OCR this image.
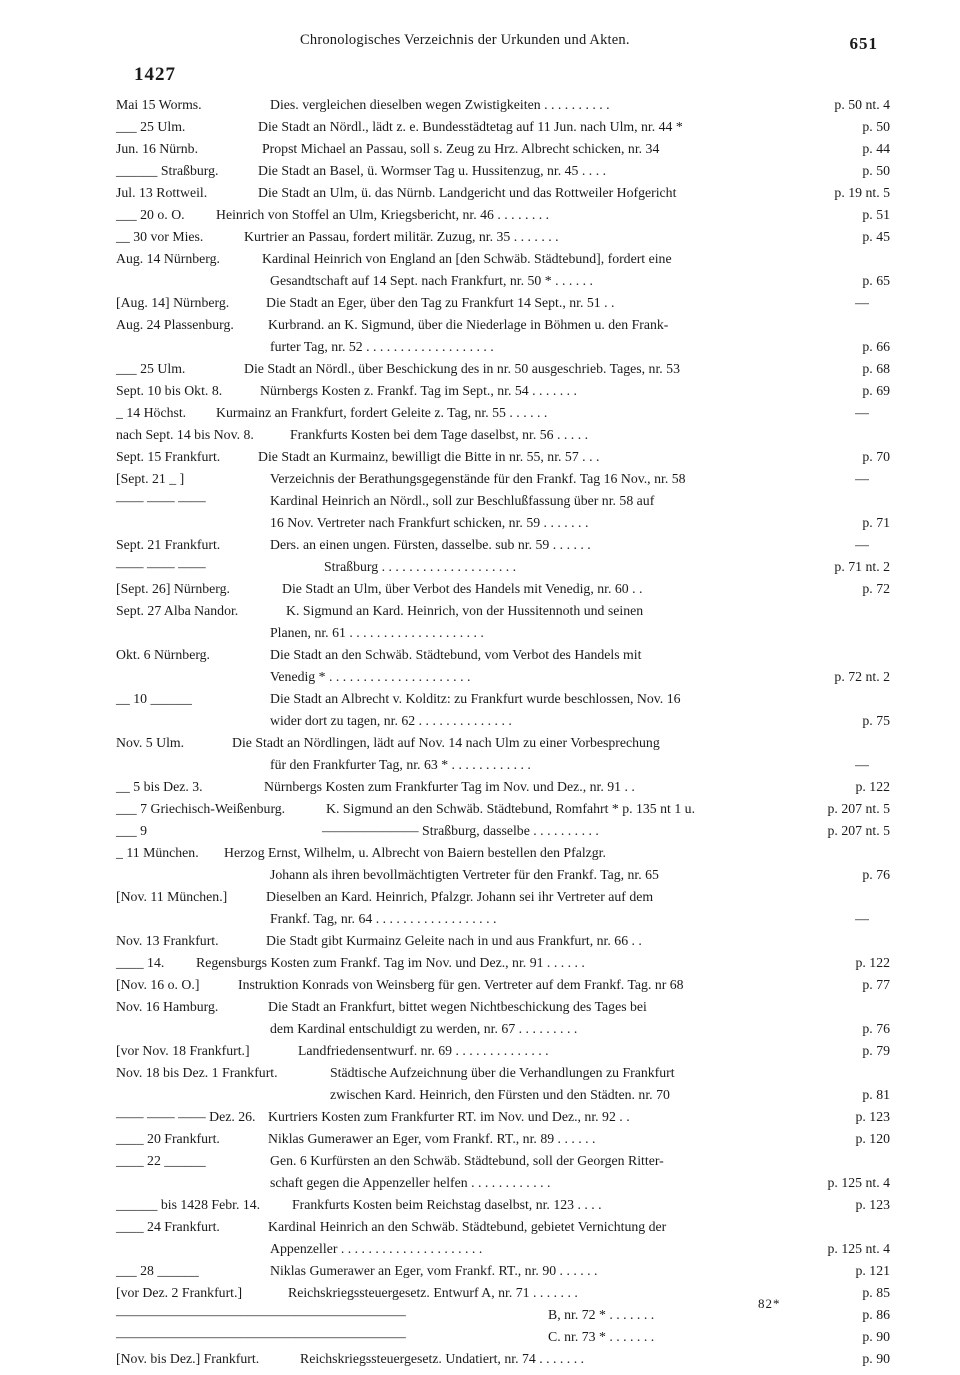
Chronologisches Verzeichnis der Urkunden und Akten.	651
1427
Mai 15 Worms.	Dies. vergleichen dieselben wegen Zwistigkeiten . . . . . . . . . .	p. 50 nt. 4
___ 25 Ulm.	Die Stadt an Nördl., lädt z. e. Bundesstädtetag auf 11 Jun. nach Ulm, nr. 44 *	p. 50
Jun. 16 Nürnb.	Propst Michael an Passau, soll s. Zeug zu Hrz. Albrecht schicken, nr. 34	p. 44
______ Straßburg.	Die Stadt an Basel, ü. Wormser Tag u. Hussitenzug, nr. 45 . . . .	p. 50
Jul. 13 Rottweil.	Die Stadt an Ulm, ü. das Nürnb. Landgericht und das Rottweiler Hofgericht	p. 19 nt. 5
___ 20 o. O. Heinrich von Stoffel an Ulm, Kriegsbericht, nr. 46 . . . . . . . .	p. 51
__ 30 vor Mies.	Kurtrier an Passau, fordert militär. Zuzug, nr. 35 . . . . . . .	p. 45
Aug. 14 Nürnberg.	Kardinal Heinrich von England an [den Schwäb. Städtebund], fordert eine
Gesandtschaft auf 14 Sept. nach Frankfurt, nr. 50 * . . . . . .	p. 65
[Aug. 14] Nürnberg.	Die Stadt an Eger, über den Tag zu Frankfurt 14 Sept., nr. 51 . .	—
Aug. 24 Plassenburg. Kurbrand. an K. Sigmund, über die Niederlage in Böhmen u. den Frank-
furter Tag, nr. 52 . . . . . . . . . . . . . . . . . . .	p. 66
___ 25 Ulm.	Die Stadt an Nördl., über Beschickung des in nr. 50 ausgeschrieb. Tages, nr. 53	p. 68
Sept. 10 bis Okt. 8.	Nürnbergs Kosten z. Frankf. Tag im Sept., nr. 54 . . . . . . .	p. 69
_ 14 Höchst. Kurmainz an Frankfurt, fordert Geleite z. Tag, nr. 55 . . . . . .	—
nach Sept. 14 bis Nov. 8.	Frankfurts Kosten bei dem Tage daselbst, nr. 56 . . . . .
Sept. 15 Frankfurt.	Die Stadt an Kurmainz, bewilligt die Bitte in nr. 55, nr. 57 . . .	p. 70
[Sept. 21 _ ]	Verzeichnis der Berathungsgegenstände für den Frankf. Tag 16 Nov., nr. 58	—
—— —— ——	Kardinal Heinrich an Nördl., soll zur Beschlußfassung über nr. 58 auf
16 Nov. Vertreter nach Frankfurt schicken, nr. 59 . . . . . . .	p. 71
Sept. 21 Frankfurt.	Ders. an einen ungen. Fürsten, dasselbe. sub nr. 59 . . . . . .	—
—— —— ——	Straßburg . . . . . . . . . . . . . . . . . . . .	p. 71 nt. 2
[Sept. 26] Nürnberg.	Die Stadt an Ulm, über Verbot des Handels mit Venedig, nr. 60 . .	p. 72
Sept. 27 Alba Nandor.	K. Sigmund an Kard. Heinrich, von der Hussitennoth und seinen
Planen, nr. 61 . . . . . . . . . . . . . . . . . . . .
Okt. 6 Nürnberg.	Die Stadt an den Schwäb. Städtebund, vom Verbot des Handels mit
Venedig * . . . . . . . . . . . . . . . . . . . . .	p. 72 nt. 2
__ 10 ______	Die Stadt an Albrecht v. Kolditz: zu Frankfurt wurde beschlossen, Nov. 16
wider dort zu tagen, nr. 62 . . . . . . . . . . . . . .	p. 75
Nov. 5 Ulm.	Die Stadt an Nördlingen, lädt auf Nov. 14 nach Ulm zu einer Vorbesprechung
für den Frankfurter Tag, nr. 63 * . . . . . . . . . . . .	—
__ 5 bis Dez. 3.	Nürnbergs Kosten zum Frankfurter Tag im Nov. und Dez., nr. 91 . .	p. 122
___ 7 Griechisch-Weißenburg.	K. Sigmund an den Schwäb. Städtebund, Romfahrt * p. 135 nt 1 u.	p. 207 nt. 5
___ 9	——————— Straßburg, dasselbe . . . . . . . . . .	p. 207 nt. 5
_ 11 München. Herzog Ernst, Wilhelm, u. Albrecht von Baiern bestellen den Pfalzgr.
Johann als ihren bevollmächtigten Vertreter für den Frankf. Tag, nr. 65	p. 76
[Nov. 11 München.]	Dieselben an Kard. Heinrich, Pfalzgr. Johann sei ihr Vertreter auf dem
Frankf. Tag, nr. 64 . . . . . . . . . . . . . . . . . .	—
Nov. 13 Frankfurt.	Die Stadt gibt Kurmainz Geleite nach in und aus Frankfurt, nr. 66 . .
____ 14. Regensburgs Kosten zum Frankf. Tag im Nov. und Dez., nr. 91 . . . . . .	p. 122
[Nov. 16 o. O.]	Instruktion Konrads von Weinsberg für gen. Vertreter auf dem Frankf. Tag. nr 68	p. 77
Nov. 16 Hamburg.	Die Stadt an Frankfurt, bittet wegen Nichtbeschickung des Tages bei
dem Kardinal entschuldigt zu werden, nr. 67 . . . . . . . . .	p. 76
[vor Nov. 18 Frankfurt.]	Landfriedensentwurf. nr. 69 . . . . . . . . . . . . . .	p. 79
Nov. 18 bis Dez. 1 Frankfurt.	Städtische Aufzeichnung über die Verhandlungen zu Frankfurt
zwischen Kard. Heinrich, den Fürsten und den Städten. nr. 70	p. 81
—— —— —— Dez. 26. Kurtriers Kosten zum Frankfurter RT. im Nov. und Dez., nr. 92 . .	p. 123
____ 20 Frankfurt.	Niklas Gumerawer an Eger, vom Frankf. RT., nr. 89 . . . . . .	p. 120
____ 22 ______	Gen. 6 Kurfürsten an den Schwäb. Städtebund, soll der Georgen Ritter-
schaft gegen die Appenzeller helfen . . . . . . . . . . . .	p. 125 nt. 4
______ bis 1428 Febr. 14. Frankfurts Kosten beim Reichstag daselbst, nr. 123 . . . .	p. 123
____ 24 Frankfurt.	Kardinal Heinrich an den Schwäb. Städtebund, gebietet Vernichtung der
Appenzeller . . . . . . . . . . . . . . . . . . . . .	p. 125 nt. 4
___ 28 ______	Niklas Gumerawer an Eger, vom Frankf. RT., nr. 90 . . . . . .	p. 121
[vor Dez. 2 Frankfurt.]	Reichskriegssteuergesetz. Entwurf A, nr. 71 . . . . . . .	p. 85
—————————————————————	B, nr. 72 * . . . . . . .	p. 86
—————————————————————	C. nr. 73 * . . . . . . .	p. 90
[Nov. bis Dez.] Frankfurt.	Reichskriegssteuergesetz. Undatiert, nr. 74 . . . . . . .	p. 90
82*
